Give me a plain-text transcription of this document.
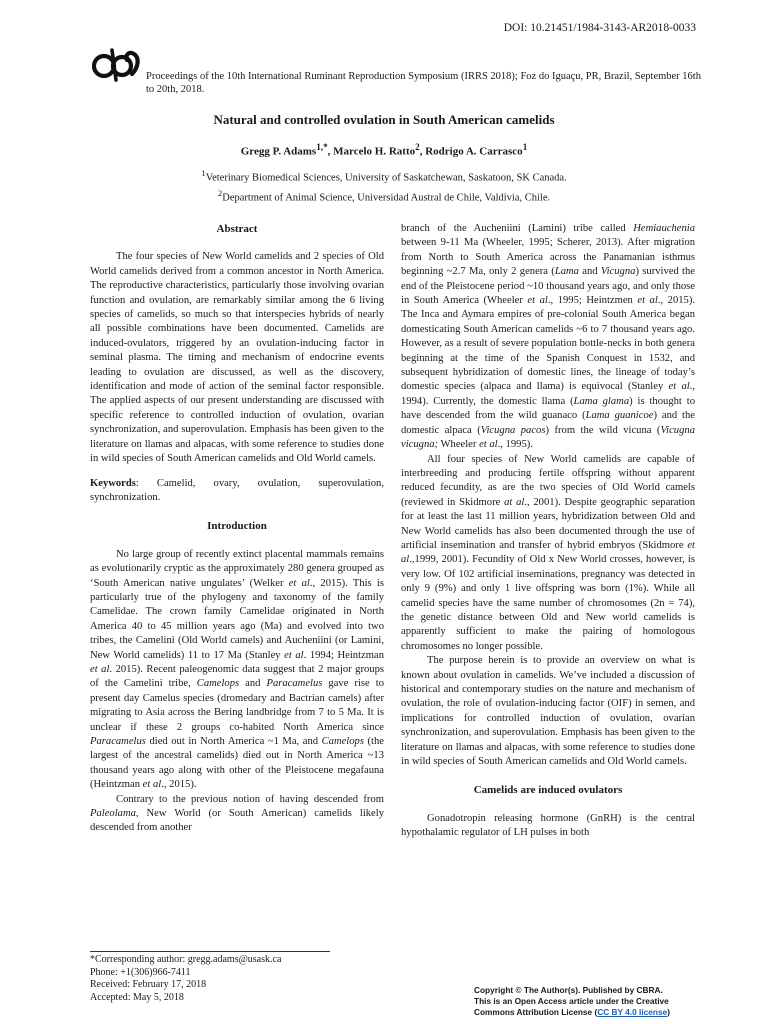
DOI: 10.21451/1984-3143-AR2018-0033
Proceedings of the 10th International Ruminant Reproduction Symposium (IRRS 2018); Foz do Iguaçu, PR, Brazil, September 16th to 20th, 2018.
Natural and controlled ovulation in South American camelids
Gregg P. Adams$^{1,*}$, Marcelo H. Ratto$^2$, Rodrigo A. Carrasco$^1$
$^1$Veterinary Biomedical Sciences, University of Saskatchewan, Saskatoon, SK Canada.
$^2$Department of Animal Science, Universidad Austral de Chile, Valdivia, Chile.
Abstract

The four species of New World camelids and 2 species of Old World camelids derived from a common ancestor in North America. The reproductive characteristics, particularly those involving ovarian function and ovulation, are remarkably similar among the 6 living species of camelids, so much so that interspecies hybrids of nearly all possible combinations have been documented. Camelids are induced-ovulators, triggered by an ovulation-inducing factor in seminal plasma. The timing and mechanism of endocrine events leading to ovulation are discussed, as well as the discovery, identification and mode of action of the seminal factor responsible. The applied aspects of our present understanding are discussed with specific reference to controlled induction of ovulation, ovarian synchronization, and superovulation. Emphasis has been given to the literature on llamas and alpacas, with some reference to studies done in wild species of South American camelids and Old World camels.

Keywords: Camelid, ovary, ovulation, superovulation, synchronization.

Introduction

No large group of recently extinct placental mammals remains as evolutionarily cryptic as the approximately 280 genera grouped as ‘South American native ungulates’ (Welker et al., 2015). This is particularly true of the phylogeny and taxonomy of the family Camelidae. The crown family Camelidae originated in North America 40 to 45 million years ago (Ma) and evolved into two tribes, the Camelini (Old World camels) and Aucheniini (or Lamini, New World camelids) 11 to 17 Ma (Stanley et al. 1994; Heintzman et al. 2015). Recent paleogenomic data suggest that 2 major groups of the Camelini tribe, Camelops and Paracamelus gave rise to present day Camelus species (dromedary and Bactrian camels) after migrating to Asia across the Bering landbridge from 7 to 5 Ma. It is unclear if these 2 groups co-habited North America since Paracamelus died out in North America ~1 Ma, and Camelops (the largest of the ancestral camelids) died out in North America ~13 thousand years ago along with other of the Pleistocene megafauna (Heintzman et al., 2015).

Contrary to the previous notion of having descended from Paleolama, New World (or South American) camelids likely descended from another

branch of the Aucheniini (Lamini) tribe called Hemiauchenia between 9-11 Ma (Wheeler, 1995; Scherer, 2013). After migration from North to South America across the Panamanian isthmus beginning ~2.7 Ma, only 2 genera (Lama and Vicugna) survived the end of the Pleistocene period ~10 thousand years ago, and only those in South America (Wheeler et al., 1995; Heintzmen et al., 2015). The Inca and Aymara empires of pre-colonial South America began domesticating South American camelids ~6 to 7 thousand years ago. However, as a result of severe population bottle-necks in both genera beginning at the time of the Spanish Conquest in 1532, and subsequent hybridization of domestic lines, the lineage of today’s domestic species (alpaca and llama) is equivocal (Stanley et al., 1994). Currently, the domestic llama (Lama glama) is thought to have descended from the wild guanaco (Lama guanicoe) and the domestic alpaca (Vicugna pacos) from the wild vicuna (Vicugna vicugna; Wheeler et al., 1995).

All four species of New World camelids are capable of interbreeding and producing fertile offspring without apparent reduced fecundity, as are the two species of Old World camels (reviewed in Skidmore at al., 2001). Despite geographic separation for at least the last 11 million years, hybridization between Old and New World camelids has also been documented through the use of artificial insemination and transfer of hybrid embryos (Skidmore et al.,1999, 2001). Fecundity of Old x New World crosses, however, is very low. Of 102 artificial inseminations, pregnancy was detected in only 9 (9%) and only 1 live offspring was born (1%). While all camelid species have the same number of chromosomes (2n = 74), the genetic distance between Old and New world camelids is apparently sufficient to make the pairing of homologous chromosomes no longer possible.

The purpose herein is to provide an overview on what is known about ovulation in camelids. We’ve included a discussion of historical and contemporary studies on the nature and mechanism of ovulation, the role of ovulation-inducing factor (OIF) in semen, and implications for controlled induction of ovulation, ovarian synchronization, and superovulation. Emphasis has been given to the literature on llamas and alpacas, with some reference to studies done in wild species of South American camelids and Old World camels.

Camelids are induced ovulators

Gonadotropin releasing hormone (GnRH) is the central hypothalamic regulator of LH pulses in both

*Corresponding author: gregg.adams@usask.ca
Phone: +1(306)966-7411
Received: February 17, 2018
Accepted: May 5, 2018
Copyright © The Author(s). Published by CBRA.
This is an Open Access article under the Creative
Commons Attribution License (CC BY 4.0 license)
